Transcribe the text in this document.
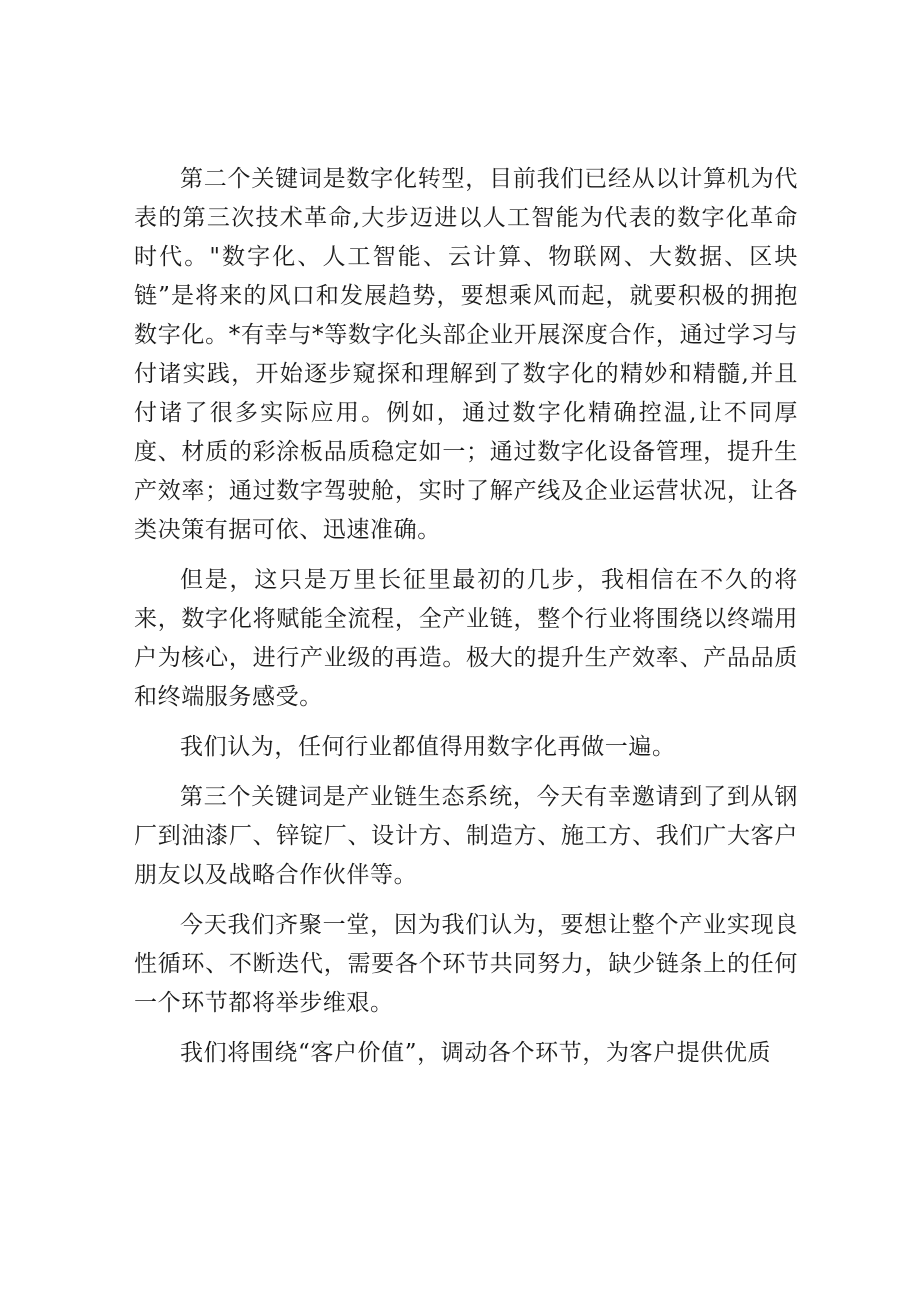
第二个关键词是数字化转型，目前我们已经从以计算机为代表的第三次技术革命,大步迈进以人工智能为代表的数字化革命时代。"数字化、人工智能、云计算、物联网、大数据、区块链”是将来的风口和发展趋势，要想乘风而起，就要积极的拥抱数字化。*有幸与*等数字化头部企业开展深度合作，通过学习与付诸实践，开始逐步窥探和理解到了数字化的精妙和精髓,并且付诸了很多实际应用。例如，通过数字化精确控温,让不同厚度、材质的彩涂板品质稳定如一；通过数字化设备管理，提升生产效率；通过数字驾驶舱，实时了解产线及企业运营状况，让各类决策有据可依、迅速准确。

但是，这只是万里长征里最初的几步，我相信在不久的将来，数字化将赋能全流程，全产业链，整个行业将围绕以终端用户为核心，进行产业级的再造。极大的提升生产效率、产品品质和终端服务感受。

我们认为，任何行业都值得用数字化再做一遍。

第三个关键词是产业链生态系统，今天有幸邀请到了到从钢厂到油漆厂、锌锭厂、设计方、制造方、施工方、我们广大客户朋友以及战略合作伙伴等。

今天我们齐聚一堂，因为我们认为，要想让整个产业实现良性循环、不断迭代，需要各个环节共同努力，缺少链条上的任何一个环节都将举步维艰。

我们将围绕“客户价值”，调动各个环节，为客户提供优质
